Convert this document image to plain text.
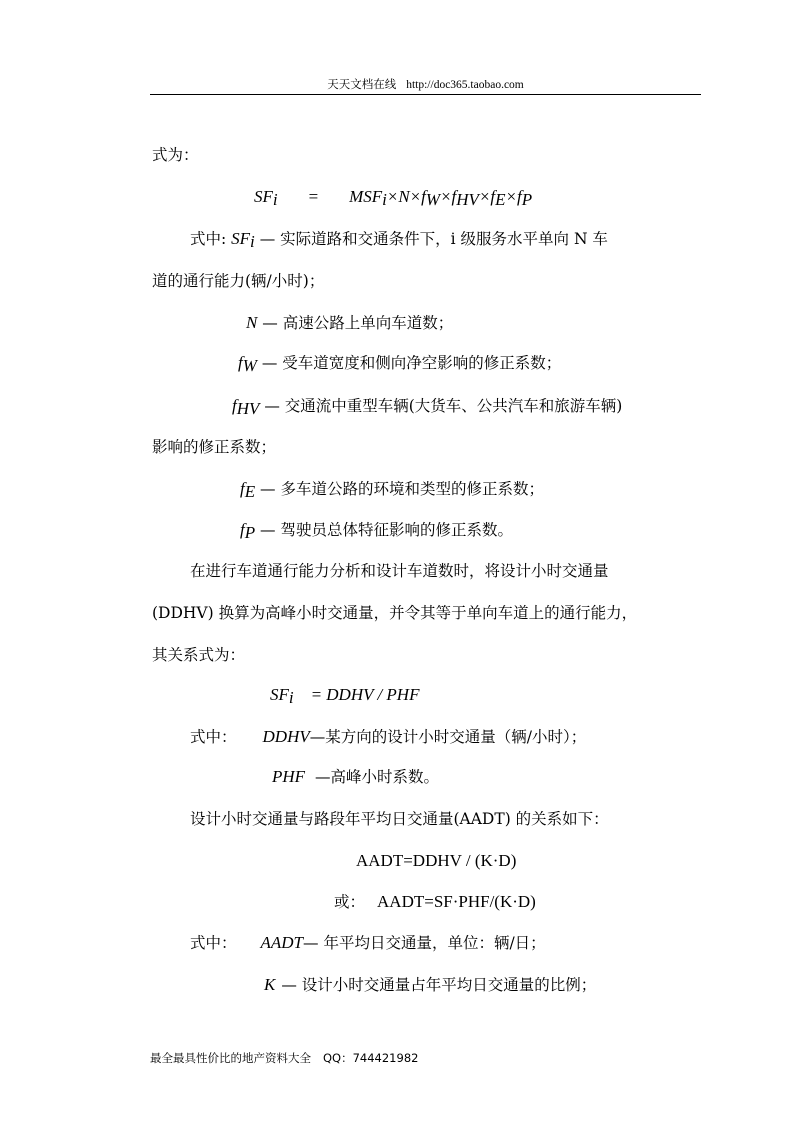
天天文档在线 http://doc365.taobao.com
式为：
$SF_i = MSF_i\times N\times f_W\times f_{HV}\times f_E\times f_P$
式中: $SF_i$ — 实际道路和交通条件下，i 级服务水平单向 N 车
道的通行能力(辆/小时)；
N — 高速公路上单向车道数；
$f_W$ — 受车道宽度和侧向净空影响的修正系数；
$f_{HV}$ — 交通流中重型车辆(大货车、公共汽车和旅游车辆)
影响的修正系数；
$f_E$ — 多车道公路的环境和类型的修正系数；
$f_P$ — 驾驶员总体特征影响的修正系数。
在进行车道通行能力分析和设计车道数时，将设计小时交通量
(DDHV) 换算为高峰小时交通量，并令其等于单向车道上的通行能力，
其关系式为：
$SF_i$ = DDHV / PHF
式中： DDHV—某方向的设计小时交通量（辆/小时）；
PHF —高峰小时系数。
设计小时交通量与路段年平均日交通量(AADT) 的关系如下：
AADT=DDHV / (K·D)
或： AADT=SF·PHF/(K·D)
式中： AADT— 年平均日交通量，单位：辆/日；
K — 设计小时交通量占年平均日交通量的比例；
最全最具性价比的地产资料大全 QQ：744421982
